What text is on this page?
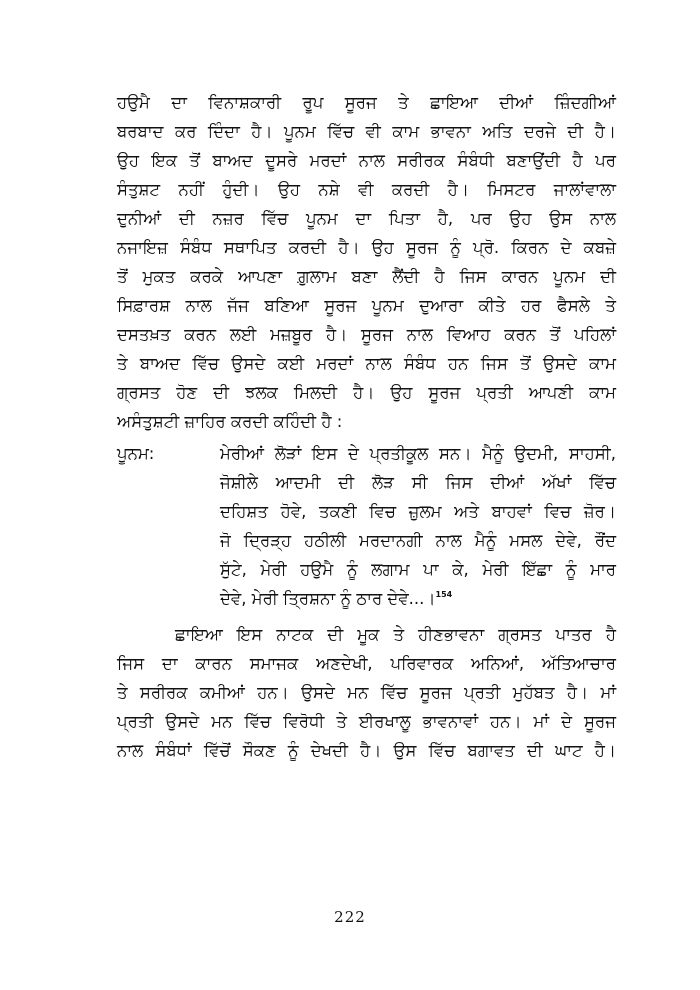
ਹਉਮੈ ਦਾ ਵਿਨਾਸ਼ਕਾਰੀ ਰੂਪ ਸੂਰਜ ਤੇ ਛਾਇਆ ਦੀਆਂ ਜ਼ਿੰਦਗੀਆਂ
ਬਰਬਾਦ ਕਰ ਦਿੰਦਾ ਹੈ। ਪੂਨਮ ਵਿੱਚ ਵੀ ਕਾਮ ਭਾਵਨਾ ਅਤਿ ਦਰਜੇ ਦੀ ਹੈ।
ਉਹ ਇਕ ਤੋਂ ਬਾਅਦ ਦੂਸਰੇ ਮਰਦਾਂ ਨਾਲ ਸਰੀਰਕ ਸੰਬੰਧੀ ਬਣਾਉਂਦੀ ਹੈ ਪਰ
ਸੰਤੁਸ਼ਟ ਨਹੀਂ ਹੁੰਦੀ। ਉਹ ਨਸ਼ੇ ਵੀ ਕਰਦੀ ਹੈ। ਮਿਸਟਰ ਜਾਲਾਂਵਾਲਾ
ਦੁਨੀਆਂ ਦੀ ਨਜ਼ਰ ਵਿੱਚ ਪੂਨਮ ਦਾ ਪਿਤਾ ਹੈ, ਪਰ ਉਹ ਉਸ ਨਾਲ
ਨਜਾਇਜ਼ ਸੰਬੰਧ ਸਥਾਪਿਤ ਕਰਦੀ ਹੈ। ਉਹ ਸੂਰਜ ਨੂੰ ਪ੍ਰੋ. ਕਿਰਨ ਦੇ ਕਬਜ਼ੇ
ਤੋਂ ਮੁਕਤ ਕਰਕੇ ਆਪਣਾ ਗ਼ੁਲਾਮ ਬਣਾ ਲੈਂਦੀ ਹੈ ਜਿਸ ਕਾਰਨ ਪੂਨਮ ਦੀ
ਸਿਫ਼ਾਰਸ਼ ਨਾਲ ਜੱਜ ਬਣਿਆ ਸੂਰਜ ਪੂਨਮ ਦੁਆਰਾ ਕੀਤੇ ਹਰ ਫੈਸਲੇ ਤੇ
ਦਸਤਖ਼ਤ ਕਰਨ ਲਈ ਮਜ਼ਬੂਰ ਹੈ। ਸੂਰਜ ਨਾਲ ਵਿਆਹ ਕਰਨ ਤੋਂ ਪਹਿਲਾਂ
ਤੇ ਬਾਅਦ ਵਿੱਚ ਉਸਦੇ ਕਈ ਮਰਦਾਂ ਨਾਲ ਸੰਬੰਧ ਹਨ ਜਿਸ ਤੋਂ ਉਸਦੇ ਕਾਮ
ਗ੍ਰਸਤ ਹੋਣ ਦੀ ਝਲਕ ਮਿਲਦੀ ਹੈ। ਉਹ ਸੂਰਜ ਪ੍ਰਤੀ ਆਪਣੀ ਕਾਮ
ਅਸੰਤੁਸ਼ਟੀ ਜ਼ਾਹਿਰ ਕਰਦੀ ਕਹਿੰਦੀ ਹੈ :
ਪੂਨਮ:	ਮੇਰੀਆਂ ਲੋੜਾਂ ਇਸ ਦੇ ਪ੍ਰਤੀਕੂਲ ਸਨ। ਮੈਨੂੰ ਉਦਮੀ, ਸਾਹਸੀ,
ਜੋਸ਼ੀਲੇ ਆਦਮੀ ਦੀ ਲੋੜ ਸੀ ਜਿਸ ਦੀਆਂ ਅੱਖਾਂ ਵਿੱਚ
ਦਹਿਸ਼ਤ ਹੋਵੇ, ਤਕਣੀ ਵਿਚ ਜ਼ੁਲਮ ਅਤੇ ਬਾਹਵਾਂ ਵਿਚ ਜ਼ੋਰ।
ਜੋ ਦ੍ਰਿੜ੍ਹ ਹਠੀਲੀ ਮਰਦਾਨਗੀ ਨਾਲ ਮੈਨੂੰ ਮਸਲ ਦੇਵੇ, ਰੌਂਦ
ਸੁੱਟੇ, ਮੇਰੀ ਹਉਮੈ ਨੂੰ ਲਗਾਮ ਪਾ ਕੇ, ਮੇਰੀ ਇੱਛਾ ਨੂੰ ਮਾਰ
ਦੇਵੇ, ਮੇਰੀ ਤ੍ਰਿਸ਼ਨਾ ਨੂੰ ਠਾਰ ਦੇਵੇ...।$^{154}$
ਛਾਇਆ ਇਸ ਨਾਟਕ ਦੀ ਮੂਕ ਤੇ ਹੀਣਭਾਵਨਾ ਗ੍ਰਸਤ ਪਾਤਰ ਹੈ
ਜਿਸ ਦਾ ਕਾਰਨ ਸਮਾਜਕ ਅਣਦੇਖੀ, ਪਰਿਵਾਰਕ ਅਨਿਆਂ, ਅੱਤਿਆਚਾਰ
ਤੇ ਸਰੀਰਕ ਕਮੀਆਂ ਹਨ। ਉਸਦੇ ਮਨ ਵਿੱਚ ਸੂਰਜ ਪ੍ਰਤੀ ਮੁਹੱਬਤ ਹੈ। ਮਾਂ
ਪ੍ਰਤੀ ਉਸਦੇ ਮਨ ਵਿੱਚ ਵਿਰੋਧੀ ਤੇ ਈਰਖਾਲੂ ਭਾਵਨਾਵਾਂ ਹਨ। ਮਾਂ ਦੇ ਸੂਰਜ
ਨਾਲ ਸੰਬੰਧਾਂ ਵਿੱਚੋਂ ਸੌਕਣ ਨੂੰ ਦੇਖਦੀ ਹੈ। ਉਸ ਵਿੱਚ ਬਗਾਵਤ ਦੀ ਘਾਟ ਹੈ।
222
